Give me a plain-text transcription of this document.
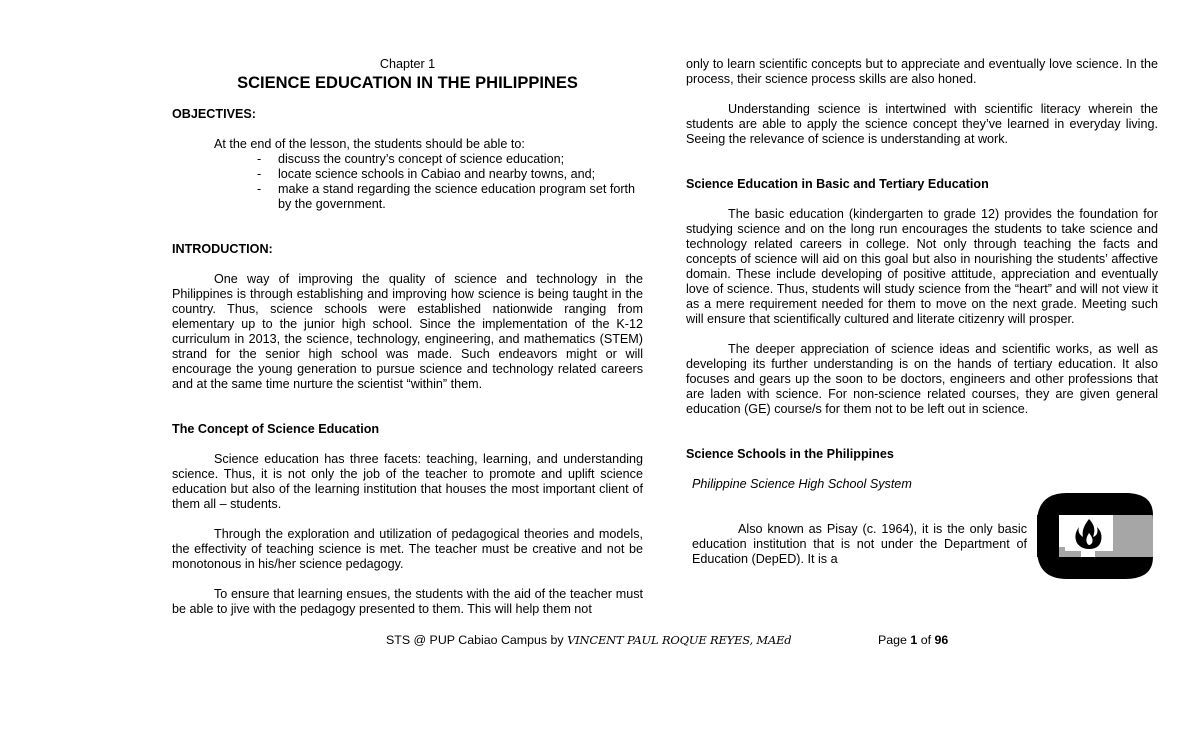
Chapter 1
SCIENCE EDUCATION IN THE PHILIPPINES
OBJECTIVES:

At the end of the lesson, the students should be able to:

- discuss the country’s concept of science education;
- locate science schools in Cabiao and nearby towns, and;
- make a stand regarding the science education program set forth by the government.
INTRODUCTION:

One way of improving the quality of science and technology in the Philippines is through establishing and improving how science is being taught in the country. Thus, science schools were established nationwide ranging from elementary up to the junior high school. Since the implementation of the K-12 curriculum in 2013, the science, technology, engineering, and mathematics (STEM) strand for the senior high school was made. Such endeavors might or will encourage the young generation to pursue science and technology related careers and at the same time nurture the scientist “within” them.

The Concept of Science Education

Science education has three facets: teaching, learning, and understanding science. Thus, it is not only the job of the teacher to promote and uplift science education but also of the learning institution that houses the most important client of them all – students.

Through the exploration and utilization of pedagogical theories and models, the effectivity of teaching science is met. The teacher must be creative and not be monotonous in his/her science pedagogy.

To ensure that learning ensues, the students with the aid of the teacher must be able to jive with the pedagogy presented to them. This will help them not

only to learn scientific concepts but to appreciate and eventually love science. In the process, their science process skills are also honed.

Understanding science is intertwined with scientific literacy wherein the students are able to apply the science concept they’ve learned in everyday living. Seeing the relevance of science is understanding at work.

Science Education in Basic and Tertiary Education

The basic education (kindergarten to grade 12) provides the foundation for studying science and on the long run encourages the students to take science and technology related careers in college. Not only through teaching the facts and concepts of science will aid on this goal but also in nourishing the students’ affective domain. These include developing of positive attitude, appreciation and eventually love of science. Thus, students will study science from the “heart” and will not view it as a mere requirement needed for them to move on the next grade. Meeting such will ensure that scientifically cultured and literate citizenry will prosper.

The deeper appreciation of science ideas and scientific works, as well as developing its further understanding is on the hands of tertiary education. It also focuses and gears up the soon to be doctors, engineers and other professions that are laden with science. For non-science related courses, they are given general education (GE) course/s for them not to be left out in science.

Science Schools in the Philippines
Philippine Science High School System

Also known as Pisay (c. 1964), it is the only basic education institution that is not under the Department of Education (DepED). It is a

STS @ PUP Cabiao Campus by VINCENT PAUL ROQUE REYES, MAEd	Page 1 of 96
